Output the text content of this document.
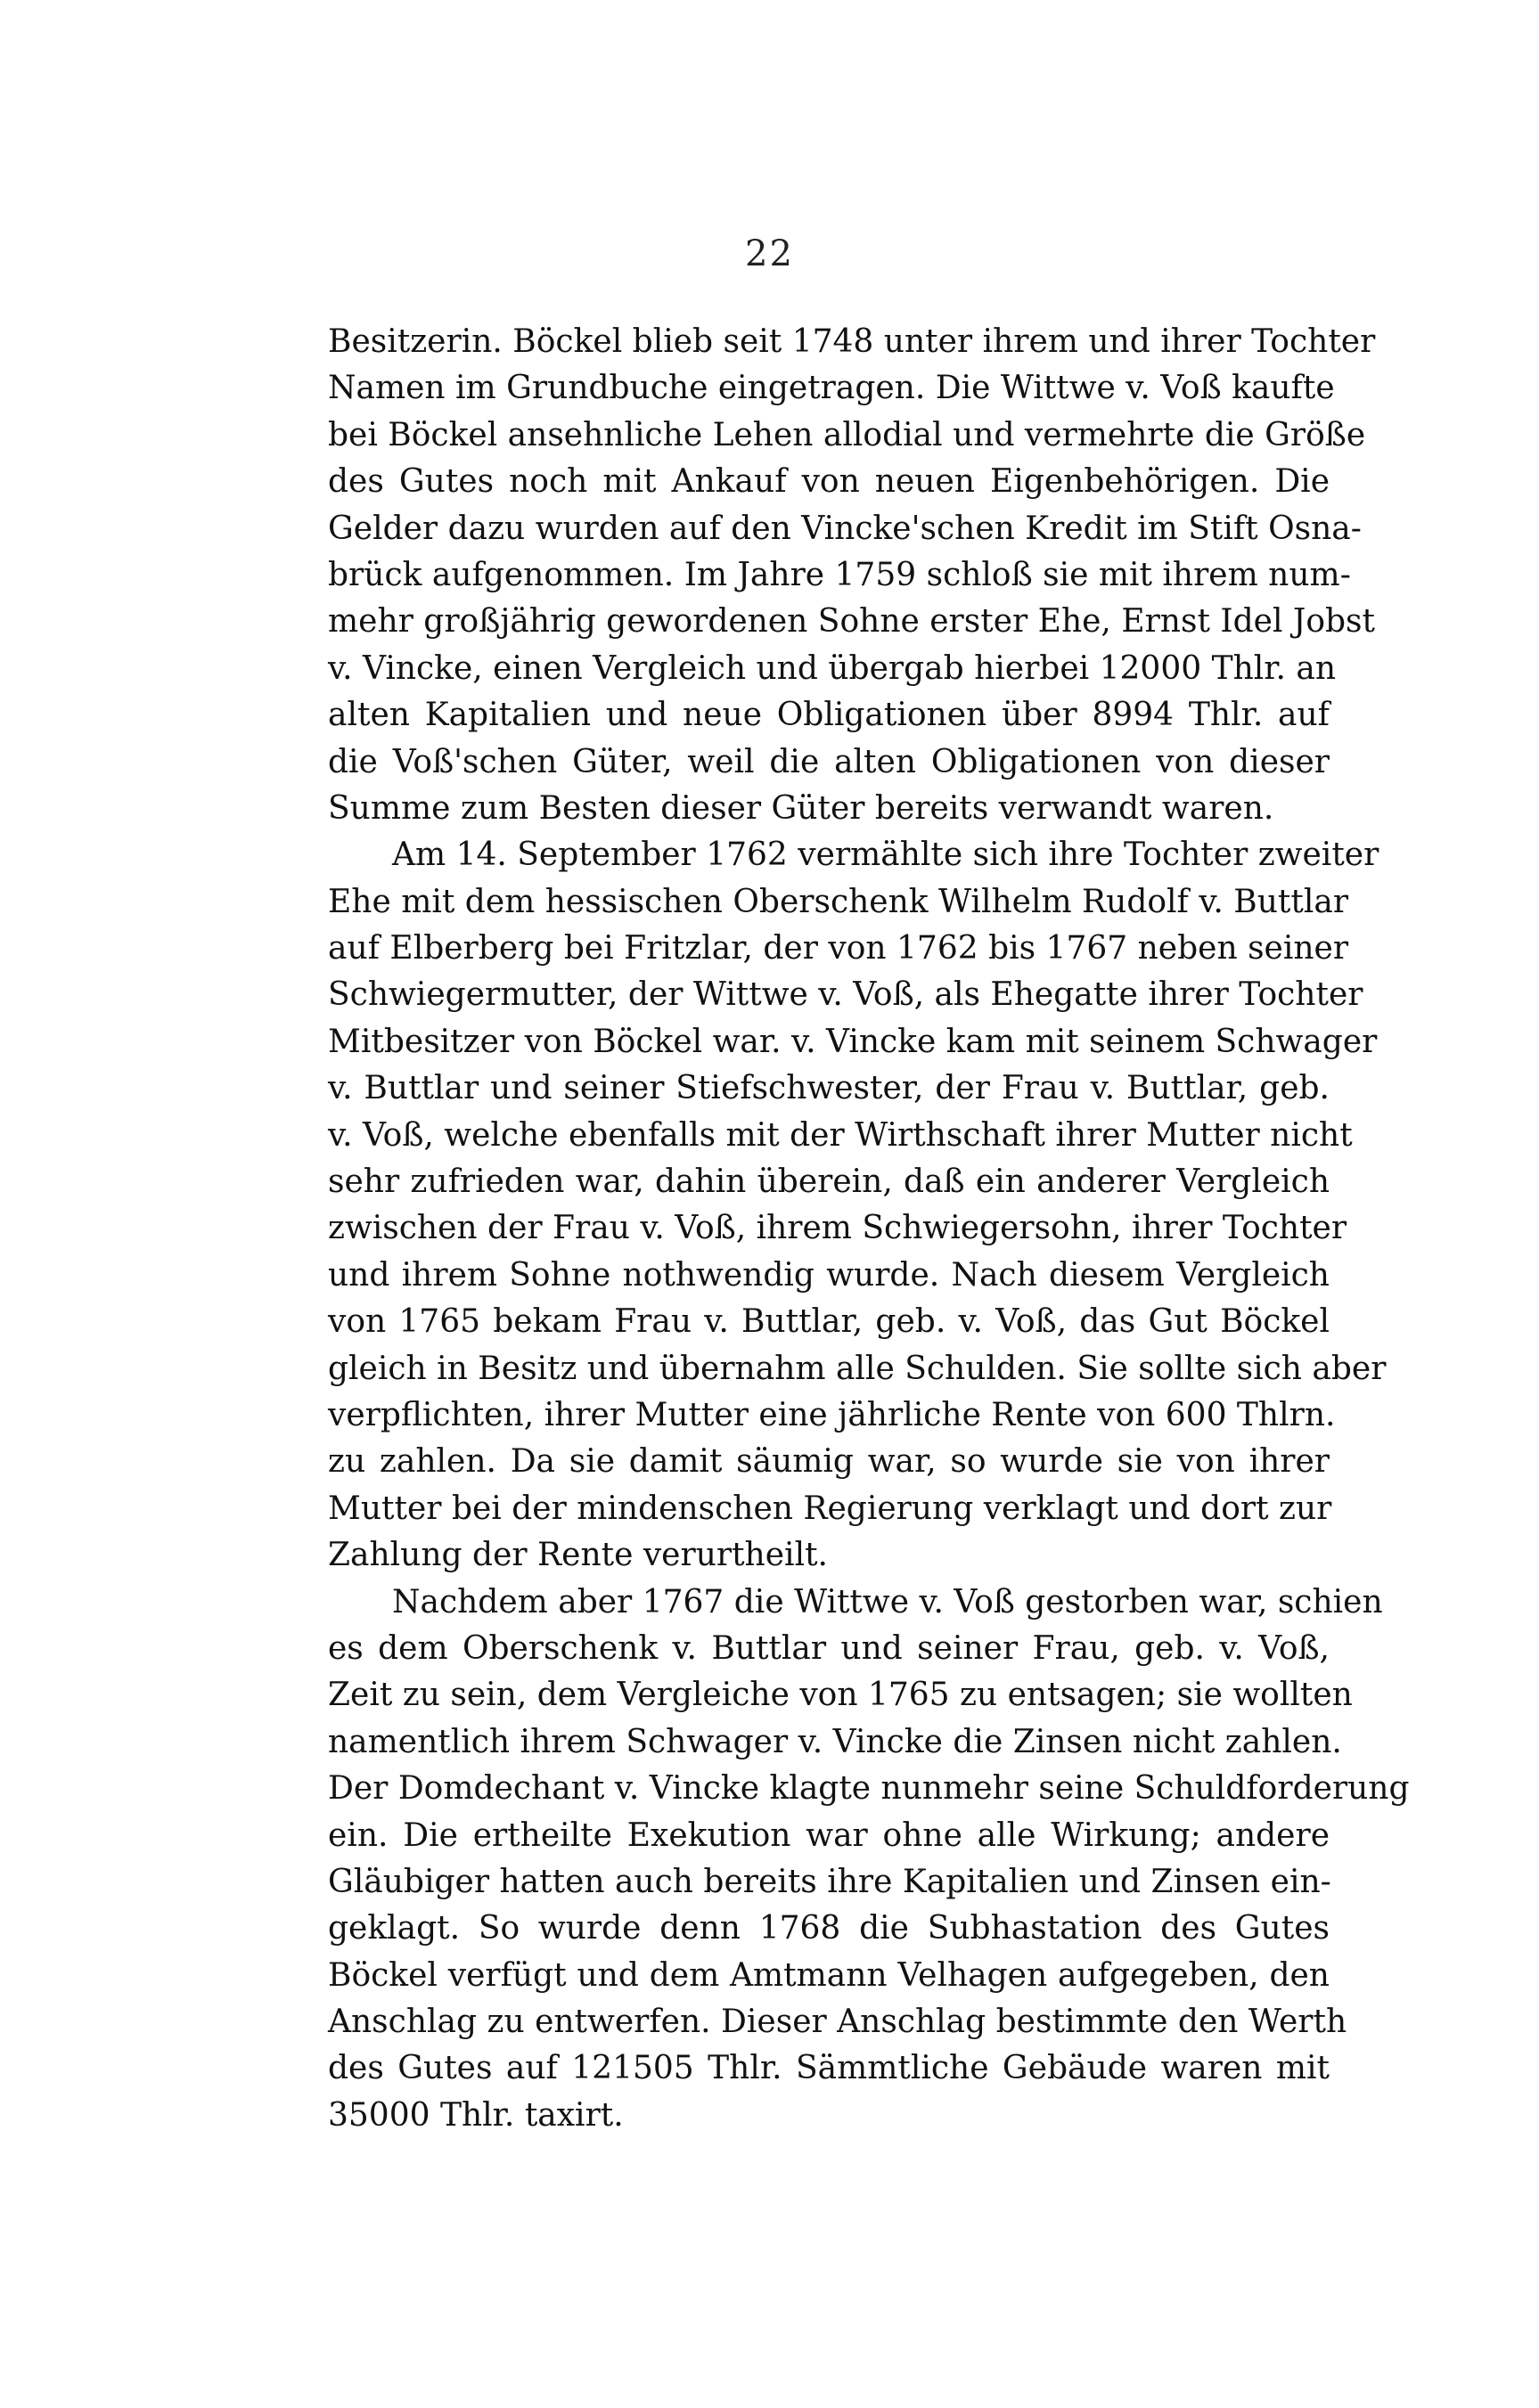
22
Besitzerin. Böckel blieb seit 1748 unter ihrem und ihrer Tochter
Namen im Grundbuche eingetragen. Die Wittwe v. Voß kaufte
bei Böckel ansehnliche Lehen allodial und vermehrte die Größe
des Gutes noch mit Ankauf von neuen Eigenbehörigen. Die
Gelder dazu wurden auf den Vincke'schen Kredit im Stift Osna-
brück aufgenommen. Im Jahre 1759 schloß sie mit ihrem num-
mehr großjährig gewordenen Sohne erster Ehe, Ernst Idel Jobst
v. Vincke, einen Vergleich und übergab hierbei 12000 Thlr. an
alten Kapitalien und neue Obligationen über 8994 Thlr. auf
die Voß'schen Güter, weil die alten Obligationen von dieser
Summe zum Besten dieser Güter bereits verwandt waren.
Am 14. September 1762 vermählte sich ihre Tochter zweiter
Ehe mit dem hessischen Oberschenk Wilhelm Rudolf v. Buttlar
auf Elberberg bei Fritzlar, der von 1762 bis 1767 neben seiner
Schwiegermutter, der Wittwe v. Voß, als Ehegatte ihrer Tochter
Mitbesitzer von Böckel war. v. Vincke kam mit seinem Schwager
v. Buttlar und seiner Stiefschwester, der Frau v. Buttlar, geb.
v. Voß, welche ebenfalls mit der Wirthschaft ihrer Mutter nicht
sehr zufrieden war, dahin überein, daß ein anderer Vergleich
zwischen der Frau v. Voß, ihrem Schwiegersohn, ihrer Tochter
und ihrem Sohne nothwendig wurde. Nach diesem Vergleich
von 1765 bekam Frau v. Buttlar, geb. v. Voß, das Gut Böckel
gleich in Besitz und übernahm alle Schulden. Sie sollte sich aber
verpflichten, ihrer Mutter eine jährliche Rente von 600 Thlrn.
zu zahlen. Da sie damit säumig war, so wurde sie von ihrer
Mutter bei der mindenschen Regierung verklagt und dort zur
Zahlung der Rente verurtheilt.
Nachdem aber 1767 die Wittwe v. Voß gestorben war, schien
es dem Oberschenk v. Buttlar und seiner Frau, geb. v. Voß,
Zeit zu sein, dem Vergleiche von 1765 zu entsagen; sie wollten
namentlich ihrem Schwager v. Vincke die Zinsen nicht zahlen.
Der Domdechant v. Vincke klagte nunmehr seine Schuldforderung
ein. Die ertheilte Exekution war ohne alle Wirkung; andere
Gläubiger hatten auch bereits ihre Kapitalien und Zinsen ein-
geklagt. So wurde denn 1768 die Subhastation des Gutes
Böckel verfügt und dem Amtmann Velhagen aufgegeben, den
Anschlag zu entwerfen. Dieser Anschlag bestimmte den Werth
des Gutes auf 121505 Thlr. Sämmtliche Gebäude waren mit
35000 Thlr. taxirt.
